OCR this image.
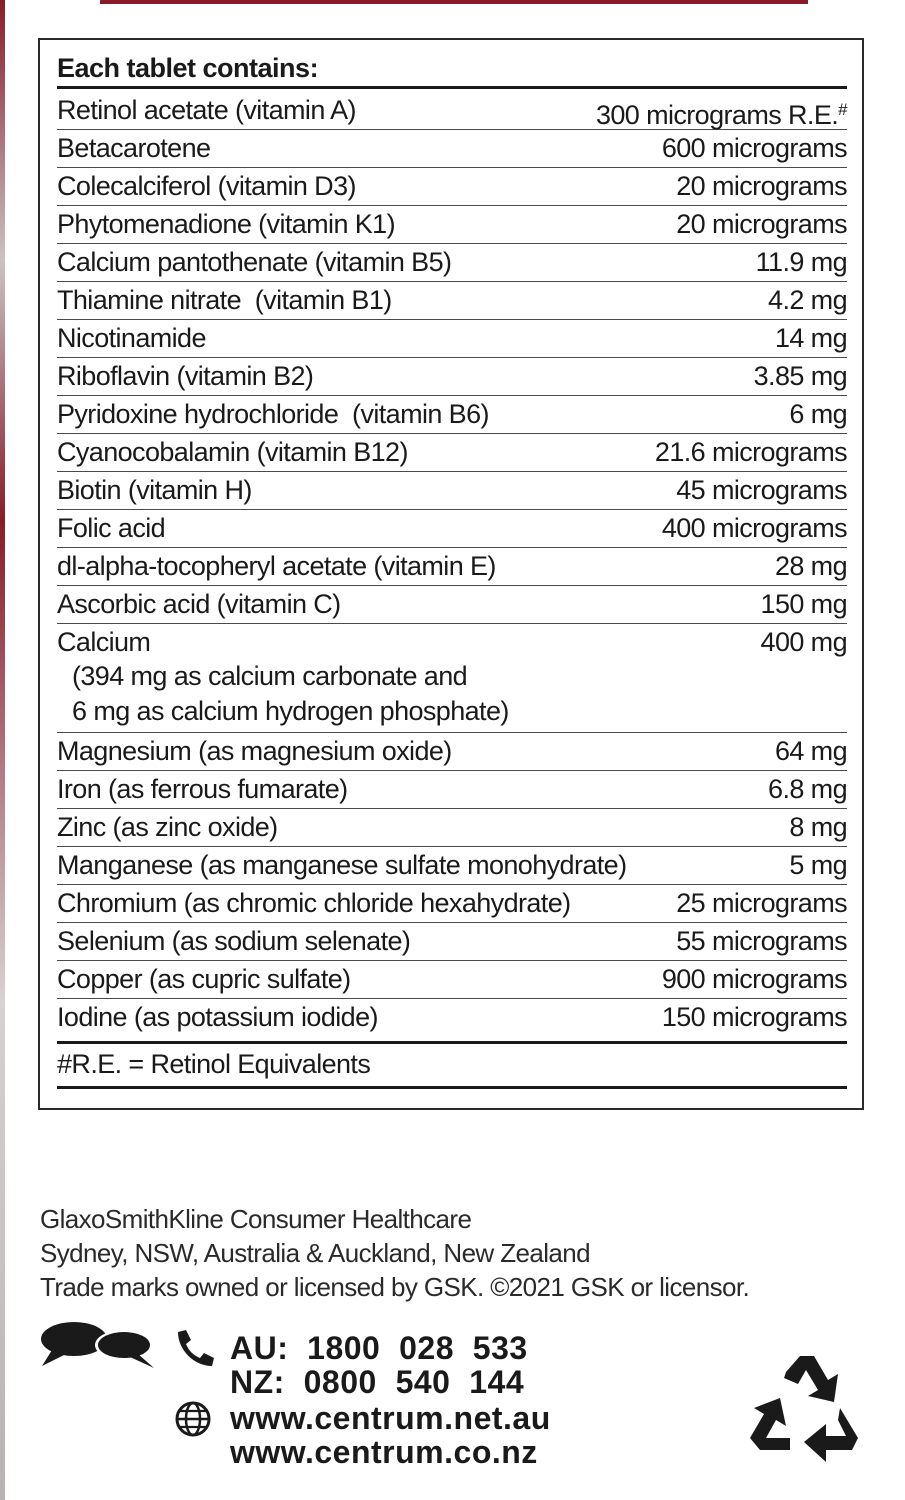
Each tablet contains:
Retinol acetate (vitamin A)	300 micrograms R.E.#
Betacarotene	600 micrograms
Colecalciferol (vitamin D3)	20 micrograms
Phytomenadione (vitamin K1)	20 micrograms
Calcium pantothenate (vitamin B5)	11.9 mg
Thiamine nitrate  (vitamin B1)	4.2 mg
Nicotinamide	14 mg
Riboflavin (vitamin B2)	3.85 mg
Pyridoxine hydrochloride  (vitamin B6)	6 mg
Cyanocobalamin (vitamin B12)	21.6 micrograms
Biotin (vitamin H)	45 micrograms
Folic acid	400 micrograms
dl-alpha-tocopheryl acetate (vitamin E)	28 mg
Ascorbic acid (vitamin C)	150 mg
Calcium	400 mg
(394 mg as calcium carbonate and
6 mg as calcium hydrogen phosphate)
Magnesium (as magnesium oxide)	64 mg
Iron (as ferrous fumarate)	6.8 mg
Zinc (as zinc oxide)	8 mg
Manganese (as manganese sulfate monohydrate)	5 mg
Chromium (as chromic chloride hexahydrate)	25 micrograms
Selenium (as sodium selenate)	55 micrograms
Copper (as cupric sulfate)	900 micrograms
Iodine (as potassium iodide)	150 micrograms
#R.E. = Retinol Equivalents
GlaxoSmithKline Consumer Healthcare
Sydney, NSW, Australia & Auckland, New Zealand
Trade marks owned or licensed by GSK. ©2021 GSK or licensor.
AU:  1800  028  533
NZ:  0800  540  144
www.centrum.net.au
www.centrum.co.nz
